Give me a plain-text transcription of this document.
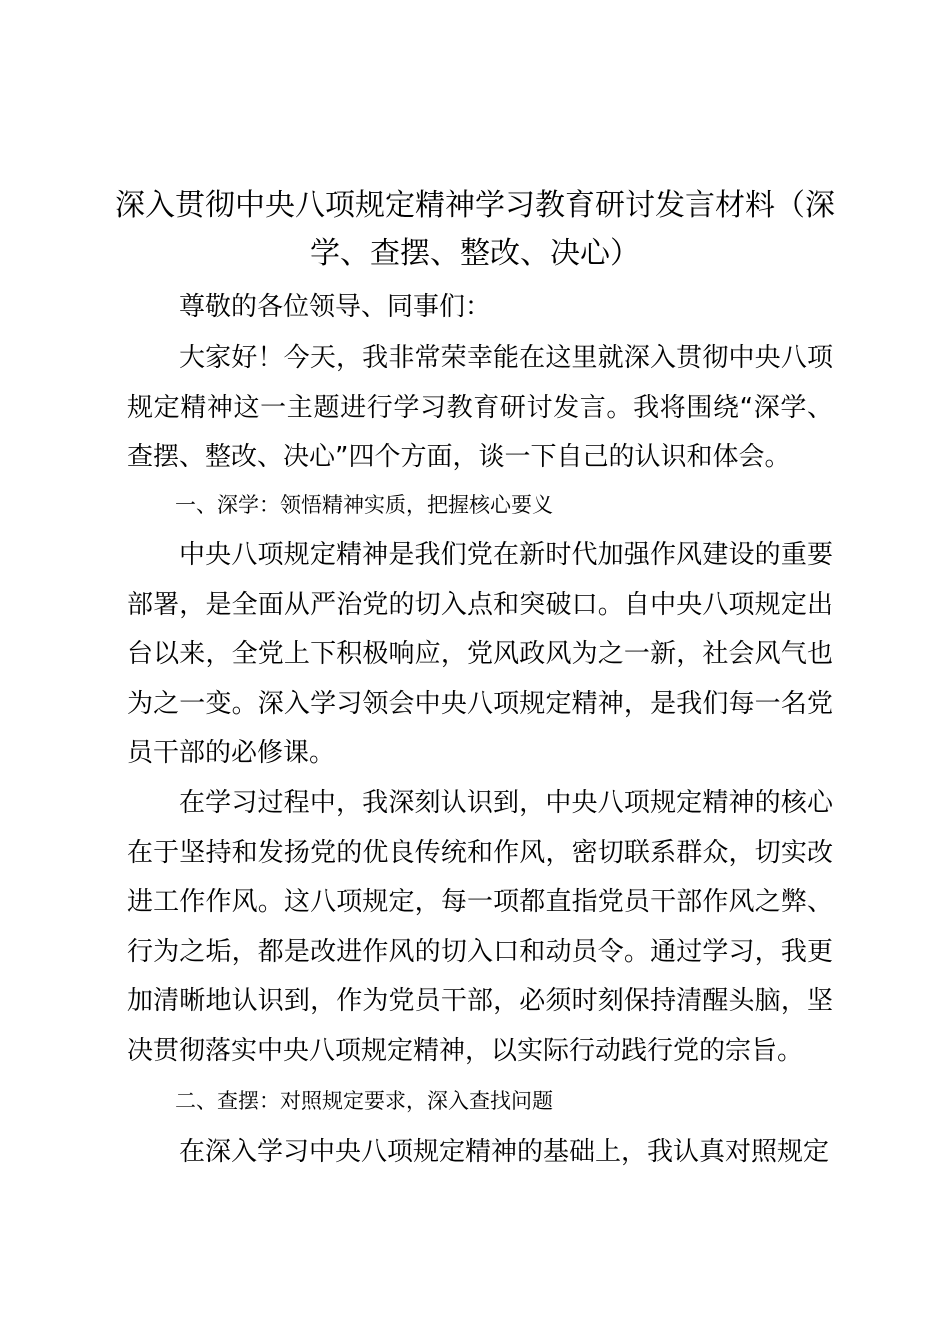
深入贯彻中央八项规定精神学习教育研讨发言材料（深学、查摆、整改、决心）

尊敬的各位领导、同事们：

大家好！今天，我非常荣幸能在这里就深入贯彻中央八项规定精神这一主题进行学习教育研讨发言。我将围绕“深学、查摆、整改、决心”四个方面，谈一下自己的认识和体会。

一、深学：领悟精神实质，把握核心要义

中央八项规定精神是我们党在新时代加强作风建设的重要部署，是全面从严治党的切入点和突破口。自中央八项规定出台以来，全党上下积极响应，党风政风为之一新，社会风气也为之一变。深入学习领会中央八项规定精神，是我们每一名党员干部的必修课。

在学习过程中，我深刻认识到，中央八项规定精神的核心在于坚持和发扬党的优良传统和作风，密切联系群众，切实改进工作作风。这八项规定，每一项都直指党员干部作风之弊、行为之垢，都是改进作风的切入口和动员令。通过学习，我更加清晰地认识到，作为党员干部，必须时刻保持清醒头脑，坚决贯彻落实中央八项规定精神，以实际行动践行党的宗旨。

二、查摆：对照规定要求，深入查找问题

在深入学习中央八项规定精神的基础上，我认真对照规定
